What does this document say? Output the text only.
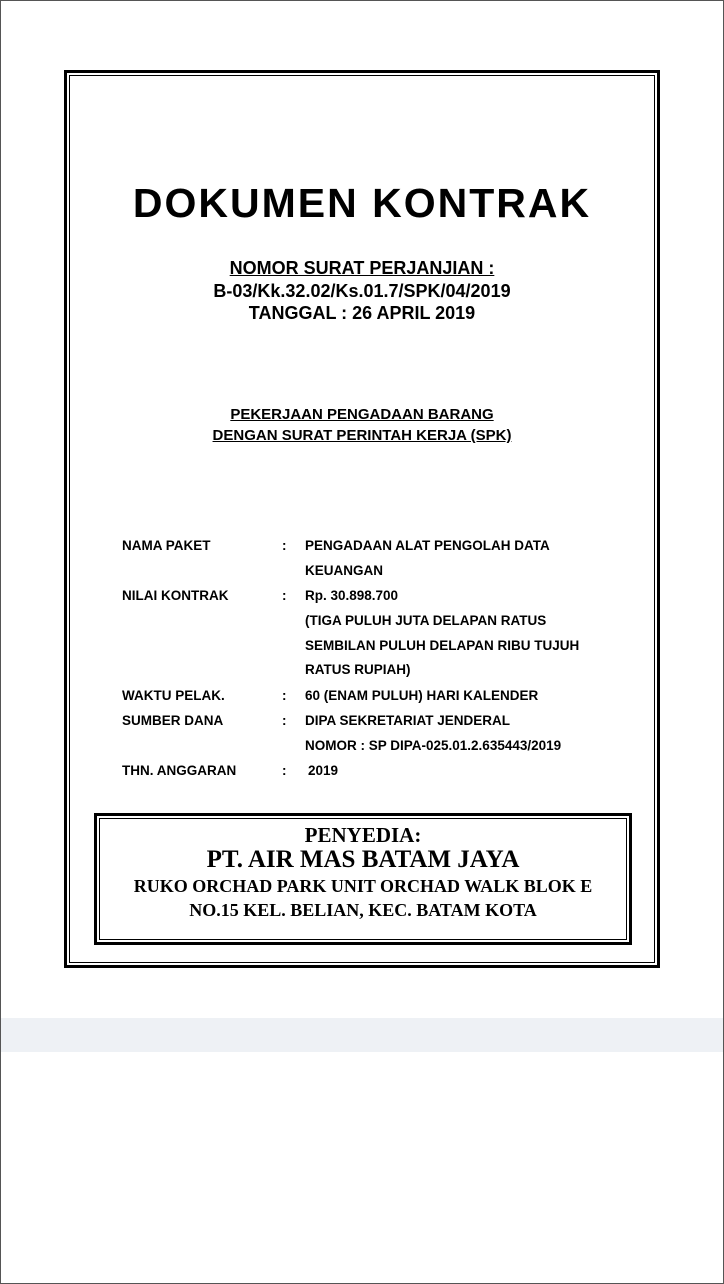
DOKUMEN KONTRAK

NOMOR SURAT PERJANJIAN :

B-03/Kk.32.02/Ks.01.7/SPK/04/2019

TANGGAL : 26 APRIL 2019

PEKERJAAN PENGADAAN BARANG

DENGAN SURAT PERINTAH KERJA (SPK)

NAMA PAKET	: PENGADAAN ALAT PENGOLAH DATA

KEUANGAN

NILAI KONTRAK	: Rp. 30.898.700

(TIGA PULUH JUTA DELAPAN RATUS

SEMBILAN PULUH DELAPAN RIBU TUJUH

RATUS RUPIAH)

WAKTU PELAK.	: 60 (ENAM PULUH) HARI KALENDER

SUMBER DANA	: DIPA SEKRETARIAT JENDERAL

NOMOR : SP DIPA-025.01.2.635443/2019

THN. ANGGARAN	: 2019

PENYEDIA:

PT. AIR MAS BATAM JAYA

RUKO ORCHAD PARK UNIT ORCHAD WALK BLOK E

NO.15 KEL. BELIAN, KEC. BATAM KOTA
